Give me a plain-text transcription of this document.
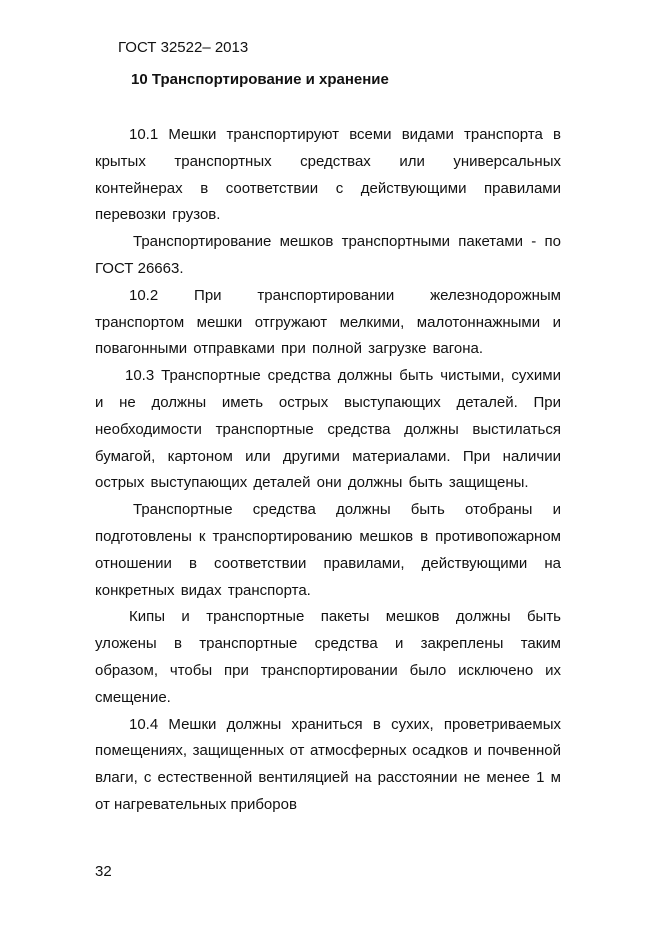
ГОСТ 32522– 2013
10 Транспортирование и хранение

10.1 Мешки транспортируют всеми видами транспорта в крытых транспортных средствах или универсальных контейнерах в соответствии с действующими правилами перевозки грузов.

Транспортирование мешков транспортными пакетами - по ГОСТ 26663.

10.2 При транспортировании железнодорожным транспортом мешки отгружают мелкими, малотоннажными и повагонными отправками при полной загрузке вагона.

10.3 Транспортные средства должны быть чистыми, сухими и не должны иметь острых выступающих деталей. При необходимости транспортные средства должны выстилаться бумагой, картоном или другими материалами. При наличии острых выступающих деталей они должны быть защищены.

Транспортные средства должны быть отобраны и подготовлены к транспортированию мешков в противопожарном отношении в соответствии правилами, действующими на конкретных видах транспорта.

Кипы и транспортные пакеты мешков должны быть уложены в транспортные средства и закреплены таким образом, чтобы при транспортировании было исключено их смещение.

10.4 Мешки должны храниться в сухих, проветриваемых помещениях, защищенных от атмосферных осадков и почвенной влаги, с естественной вентиляцией на расстоянии не менее 1 м от нагревательных приборов

32
